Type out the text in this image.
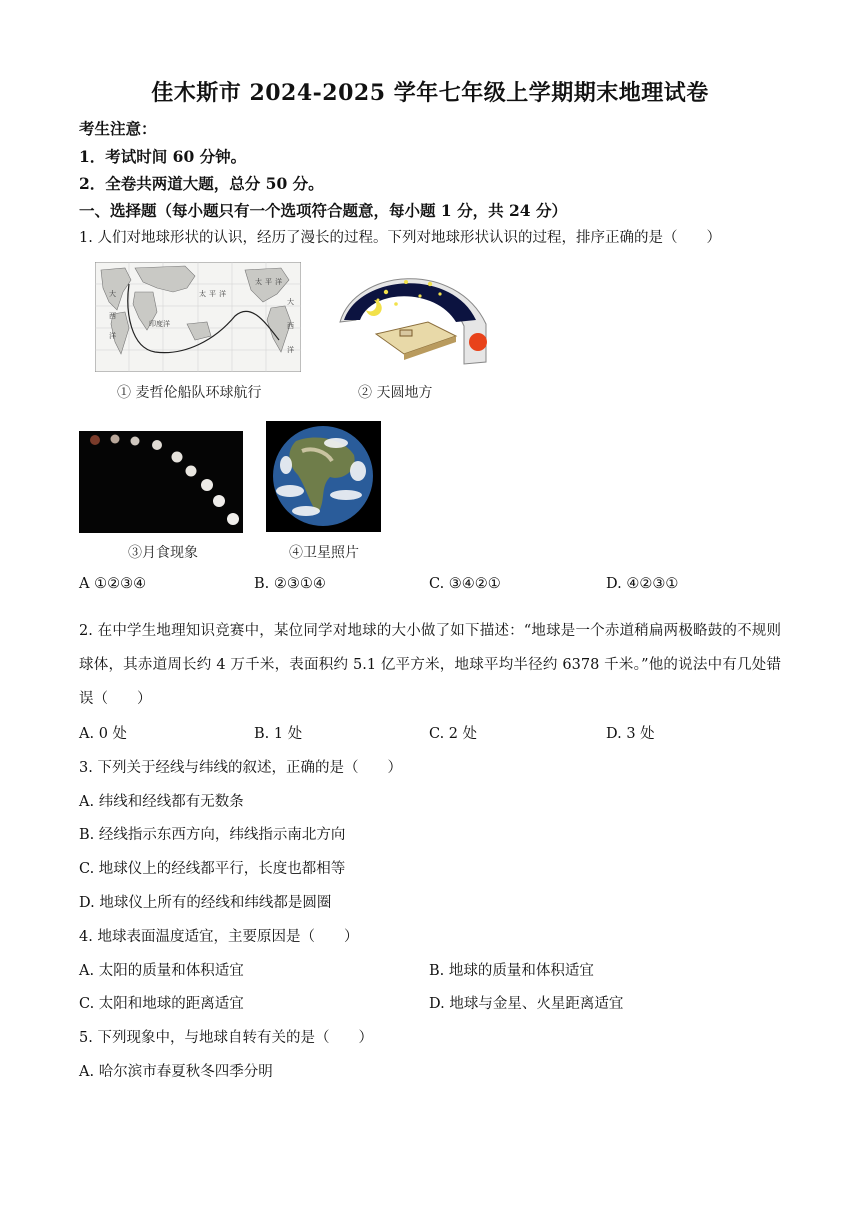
佳木斯市 2024-2025 学年七年级上学期期末地理试卷
考生注意：
1．考试时间 60 分钟。
2．全卷共两道大题，总分 50 分。
一、选择题（每小题只有一个选项符合题意，每小题 1 分，共 24 分）
1. 人们对地球形状的认识，经历了漫长的过程。下列对地球形状认识的过程，排序正确的是（　　）
大
西
洋
太 平 洋
印度洋
太 平 洋
大
西
洋
① 麦哲伦船队环球航行	② 天圆地方
③月食现象	④卫星照片
A ①②③④	B. ②③①④	C. ③④②①	D. ④②③①
2. 在中学生地理知识竞赛中，某位同学对地球的大小做了如下描述：“地球是一个赤道稍扁两极略鼓的不规则球体，其赤道周长约 4 万千米，表面积约 5.1 亿平方米，地球平均半径约 6378 千米。”他的说法中有几处错误（　　）
A. 0 处	B. 1 处	C. 2 处	D. 3 处
3. 下列关于经线与纬线的叙述，正确的是（　　）
A. 纬线和经线都有无数条
B. 经线指示东西方向，纬线指示南北方向
C. 地球仪上的经线都平行，长度也都相等
D. 地球仪上所有的经线和纬线都是圆圈
4. 地球表面温度适宜，主要原因是（　　）
A. 太阳的质量和体积适宜	B. 地球的质量和体积适宜
C. 太阳和地球的距离适宜	D. 地球与金星、火星距离适宜
5. 下列现象中，与地球自转有关的是（　　）
A. 哈尔滨市春夏秋冬四季分明
